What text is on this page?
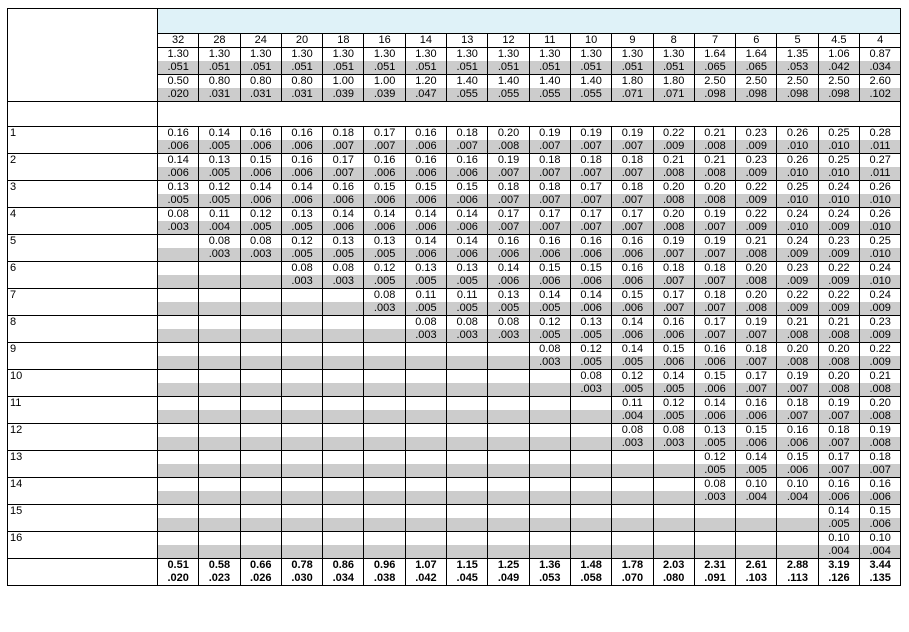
	32	28	24	20	18	16	14	13	12	11	10	9	8	7	6	5	4.5	4
	1.30	1.30	1.30	1.30	1.30	1.30	1.30	1.30	1.30	1.30	1.30	1.30	1.30	1.64	1.64	1.35	1.06	0.87
	.051	.051	.051	.051	.051	.051	.051	.051	.051	.051	.051	.051	.051	.065	.065	.053	.042	.034
	0.50	0.80	0.80	0.80	1.00	1.00	1.20	1.40	1.40	1.40	1.40	1.80	1.80	2.50	2.50	2.50	2.50	2.60
	.020	.031	.031	.031	.039	.039	.047	.055	.055	.055	.055	.071	.071	.098	.098	.098	.098	.102

1	0.16	0.14	0.16	0.16	0.18	0.17	0.16	0.18	0.20	0.19	0.19	0.19	0.22	0.21	0.23	0.26	0.25	0.28
	.006	.005	.006	.006	.007	.007	.006	.007	.008	.007	.007	.007	.009	.008	.009	.010	.010	.011
2	0.14	0.13	0.15	0.16	0.17	0.16	0.16	0.16	0.19	0.18	0.18	0.18	0.21	0.21	0.23	0.26	0.25	0.27
	.006	.005	.006	.006	.007	.006	.006	.006	.007	.007	.007	.007	.008	.008	.009	.010	.010	.011
3	0.13	0.12	0.14	0.14	0.16	0.15	0.15	0.15	0.18	0.18	0.17	0.18	0.20	0.20	0.22	0.25	0.24	0.26
	.005	.005	.006	.006	.006	.006	.006	.006	.007	.007	.007	.007	.008	.008	.009	.010	.010	.010
4	0.08	0.11	0.12	0.13	0.14	0.14	0.14	0.14	0.17	0.17	0.17	0.17	0.20	0.19	0.22	0.24	0.24	0.26
	.003	.004	.005	.005	.006	.006	.006	.006	.007	.007	.007	.007	.008	.007	.009	.010	.009	.010
5		0.08	0.08	0.12	0.13	0.13	0.14	0.14	0.16	0.16	0.16	0.16	0.19	0.19	0.21	0.24	0.23	0.25
		.003	.003	.005	.005	.005	.006	.006	.006	.006	.006	.006	.007	.007	.008	.009	.009	.010
6				0.08	0.08	0.12	0.13	0.13	0.14	0.15	0.15	0.16	0.18	0.18	0.20	0.23	0.22	0.24
				.003	.003	.005	.005	.005	.006	.006	.006	.006	.007	.007	.008	.009	.009	.010
7						0.08	0.11	0.11	0.13	0.14	0.14	0.15	0.17	0.18	0.20	0.22	0.22	0.24
						.003	.005	.005	.005	.005	.006	.006	.007	.007	.008	.009	.009	.009
8							0.08	0.08	0.08	0.12	0.13	0.14	0.16	0.17	0.19	0.21	0.21	0.23
							.003	.003	.003	.005	.005	.006	.006	.007	.007	.008	.008	.009
9										0.08	0.12	0.14	0.15	0.16	0.18	0.20	0.20	0.22
										.003	.005	.005	.006	.006	.007	.008	.008	.009
10											0.08	0.12	0.14	0.15	0.17	0.19	0.20	0.21
											.003	.005	.005	.006	.007	.007	.008	.008
11												0.11	0.12	0.14	0.16	0.18	0.19	0.20
												.004	.005	.006	.006	.007	.007	.008
12												0.08	0.08	0.13	0.15	0.16	0.18	0.19
												.003	.003	.005	.006	.006	.007	.008
13														0.12	0.14	0.15	0.17	0.18
														.005	.005	.006	.007	.007
14														0.08	0.10	0.10	0.16	0.16
														.003	.004	.004	.006	.006
15																	0.14	0.15
																	.005	.006
16																	0.10	0.10
																	.004	.004
	0.51	0.58	0.66	0.78	0.86	0.96	1.07	1.15	1.25	1.36	1.48	1.78	2.03	2.31	2.61	2.88	3.19	3.44
	.020	.023	.026	.030	.034	.038	.042	.045	.049	.053	.058	.070	.080	.091	.103	.113	.126	.135
